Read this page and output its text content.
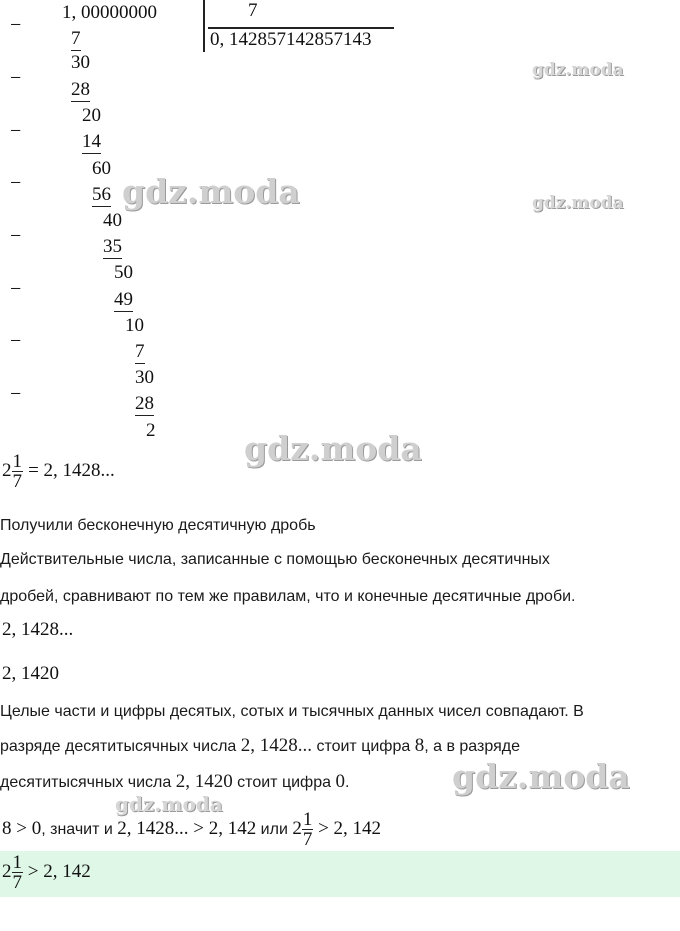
1, 00000000	7
0, 142857142857143
−
−
−
−
−
−
−
−
7
30
28
20
14
60
56
40
35
50
49
10
7
30
28
2
$2 \frac{1}{7} = 2$, 1428...
Получили бесконечную десятичную дробь
Действительные числа, записанные с помощью бесконечных десятичных
дробей, сравнивают по тем же правилам, что и конечные десятичные дроби.
2, 1428...
2, 1420
Целые части и цифры десятых, сотых и тысячных данных чисел совпадают. В
разряде десятитысячных числа 2, 1428... стоит цифра 8, а в разряде
десятитысячных числа 2, 1420 стоит цифра 0.
8 > 0, значит и 2, 1428... > 2, 142 или $2 \frac{1}{7} > 2$, 142
$2 \frac{1}{7} > 2$, 142
gdz.moda
gdz.moda	gdz.moda
gdz.moda
gdz.moda
gdz.moda
